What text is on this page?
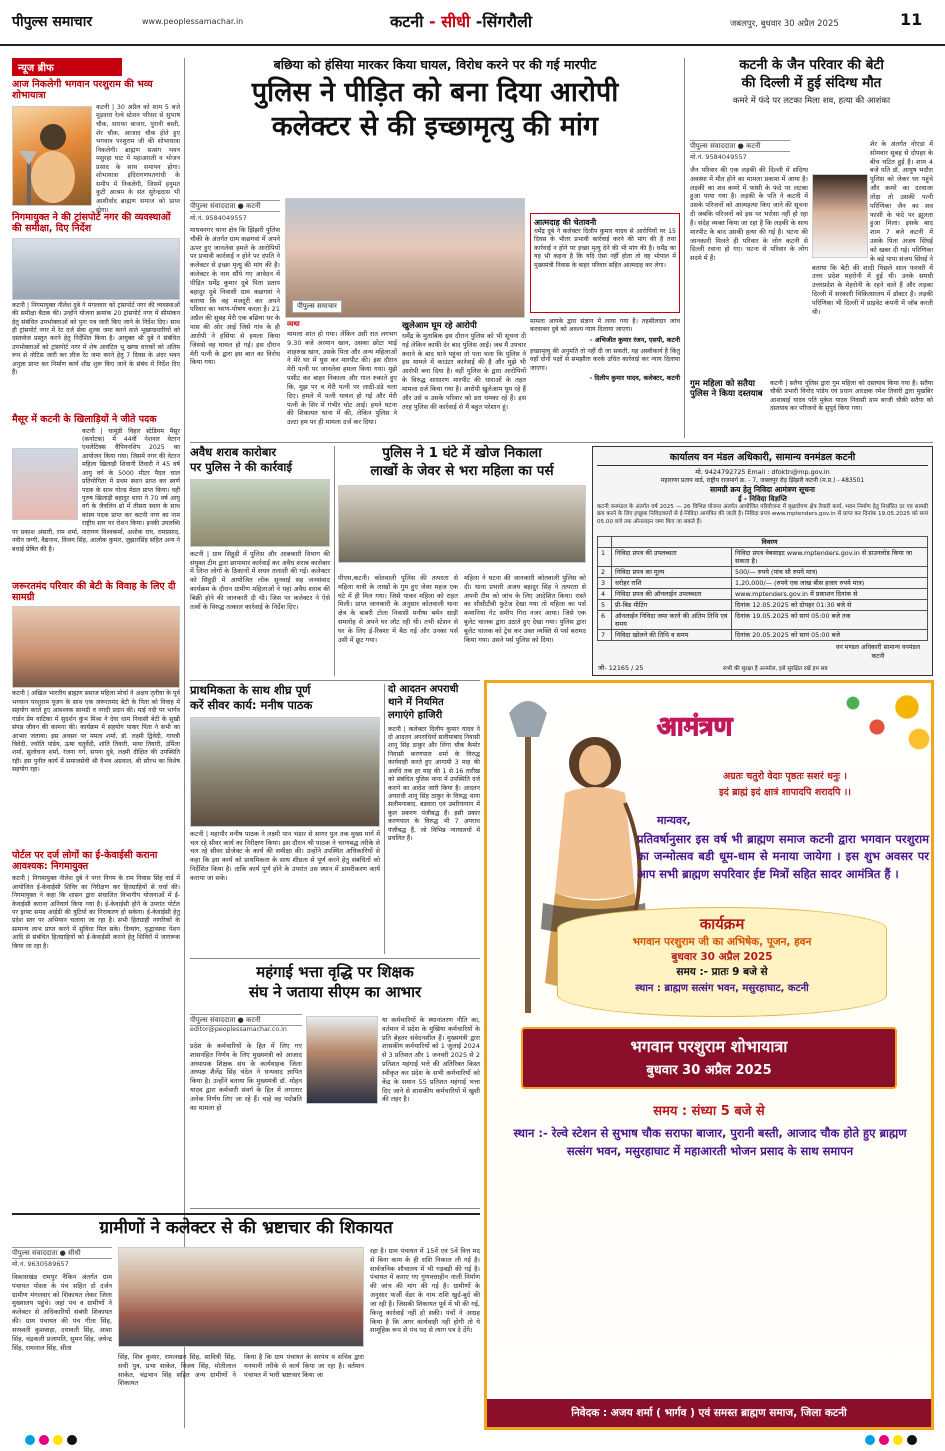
पीपुल्स समाचार	www.peoplessamachar.in	कटनी - सीधी -सिंगरौली	जबलपुर, बुधवार 30 अप्रैल 2025	11
न्यूज ब्रीफ
आज निकलेगी भगवान परशुराम की भव्य शोभायात्रा
कटनी | 30 अप्रैल को शाम 5 बजे मुड़वारा रेल्वे स्टेशन परिसर से सुभाष चौक, सराफा बाजार, पुरानी बस्ती, शेर चौक, आजाद चौक होते हुए भगवान परशुराम जी की शोभायात्रा निकलेगी। ब्राह्मण सत्संग भवन मसुरहा घाट में महाआरती व भोजन प्रसाद के साथ समापन होगा। शोभायात्रा इंदिरागणपतगांधी के समीप में निकलेगी, जिसमें हनुमत कुटी आश्रम के संत सुरेन्द्रदास भी आशीर्वाद ब्राह्मण समाज को प्राप्त होगा।
निगमायुक्त ने की ट्रांसपोर्ट नगर की व्यवस्थाओं की समीक्षा, दिए निर्देश
कटनी | निगमायुक्त नीलेश दुबे ने मंगलवार को ट्रांसपोर्ट नगर की व्यवस्थाओं की समीक्षा बैठक की। उन्होंने योजना क्रमांक 20 ट्रांसपोर्ट नगर में सीमांकन हेतु संबंधित उपभोक्ताओं को पुनः पत्र जारी किए जाने के निर्देश दिए। साथ ही ट्रांसपोर्ट नगर में रेट दर्ज सेवा शुल्क जमा करने वाले भूखण्डधारियों को दस्तावेज प्रस्तुत करने हेतु निर्देशित किया है। आयुक्त श्री दुबे ने संबंधित उपभोक्ताओं को ट्रांसपोर्ट नगर में शेष आवंटित भू खण्ड धारकों को अंतिम रूप से नोटिस जारी कर लीज रेंट जमा करने हेतु 7 दिवस के अंदर भवन अनुज्ञा प्राप्त कर निर्माण कार्य शीघ्र शुरू किए जाने के संबंध में निर्देश दिए हैं।
मैसूर में कटनी के खिलाड़ियों ने जीते पदक
कटनी | चामुंडी विहार स्टेडियम मैसूर (कर्नाटक) में 44वीं नेशनल वेटरन एथलेटिक्स चैंपियनशिप 2025 का आयोजन किया गया। जिसमें नगर की वेटरन महिला खिलाड़ी शिवानी तिवारी ने 45 वर्ष आयु वर्ग के 5000 मीटर पैदल चाल प्रतियोगिता में प्रथम स्थान प्राप्त कर स्वर्ण पदक के साथ गोल्ड मेडल प्राप्त किया। वहीं पुरुष खिलाड़ी बहादुर थापा ने 70 वर्ष आयु वर्ग के जैवलिन थ्रो में तीसरा स्थान के साथ कांस्य पदक प्राप्त कर कटनी नगर का नाम राष्ट्रीय स्तर पर रोशन किया। इनकी उपलब्धि पर प्रकाश अंसारी, राम शर्मा, नारायण विश्वकर्मा, अशोक राय, रामप्रसाद, नवीन जग्गी, वैद्यनाथ, विजय सिंह, आलोक कुमार, जुझारसिंह सहित अन्य ने बधाई प्रेषित की है।
जरूरतमंद परिवार की बेटी के विवाह के लिए दी सामग्री
कटनी | अखिल भारतीय ब्राह्मण समाज महिला मोर्चा ने अक्षय तृतीया के पूर्व भगवान परशुराम पूजन के साथ एक जरूरतमंद बेटी के पिता को विवाह में सहयोग करते हुए आवश्यक सामग्री व नगदी प्रदान की। माई नदी पर भार्गव गार्डन प्रेम वाटिका में सुदर्शन कुंभ मिश्रा ने देवा धाम निवासी बेटी के सुखी संपन्न जीवन की कामना की। कार्यक्रम में सहयोग पाकर पिता ने सभी का आभार जताया। इस अवसर पर ममता शर्मा, डॉ. लक्ष्मी द्विवेदी, गायत्री त्रिवेदी, ज्योति पांडेय, ऊषा चतुर्वेदी, शांति तिवारी, माया तिवारी, उर्मिला शर्मा, सुलोचना शर्मा, रंजना गर्ग, सपना दुबे, लक्ष्मी दीक्षित की उपस्थिति रही। इस पुनीत कार्य में समाजसेवी श्री वैभव अग्रवाल, श्री सौरभ का विशेष सहयोग रहा।
पोर्टल पर दर्ज लोगों का ई-केवाईसी कराना आवश्यक: निगमायुक्त
कटनी | निगमायुक्त नीलेश दुबे ने नगर निगम के राम निवास सिंह वार्ड में आयोजित ई-केवाईसी शिविर का निरीक्षण कर हितग्राहियों से चर्चा की। निगमायुक्त ने कहा कि शासन द्वारा संचालित विभागीय योजनाओं में ई-केवाईसी कराना अनिवार्य किया गया है। ई-केवाईसी होने के उपरांत पोर्टल पर ड्राफ्ट समग्र आईडी की त्रुटियों का निराकरण हो सकेगा। ई-केवाईसी हेतु प्रदेश स्तर पर अभियान चलाया जा रहा है। सभी हितग्राही नागरिकों के सामान्य लाभ प्राप्त करने में सुविधा मिल सके। दिव्यांग, वृद्धावस्था पेंशन आदि से संबंधित हितग्राहियों को ई-केवाईसी कराने हेतु शिविरों में जागरूक किया जा रहा है।
बछिया को हंसिया मारकर किया घायल, विरोध करने पर की गई मारपीट
पुलिस ने पीड़ित को बना दिया आरोपी
कलेक्टर से की इच्छामृत्यु की मांग
पीपुल्स संवाददाता ● कटनी
मो.नं. 9584049557
पीपुल्स समाचार
आत्मदाह की चेतावनी
धर्मेंद्र दुबे ने कलेक्टर दिलीप कुमार यादव से आरोपियों पर 15 दिवस के भीतर प्रभावी कार्रवाई करने की मांग की है तथा कार्रवाई न होने पर इच्छा मृत्यु देने की भी मांग की है। धर्मेंद्र का यह भी कहना है कि यदि ऐसा नहीं होता तो वह भोपाल में मुख्यमंत्री निवास के बाहर परिवार सहित आत्मदाह कर लेगा।
माधवनगर थाना क्षेत्र कि झिंझरी पुलिस चौकी के अंतर्गत ग्राम कछगवां में अपने ऊपर हुए जानलेवा हमले के आरोपियों पर प्रभावी कार्रवाई न होने पर दंपति ने कलेक्टर से इच्छा मृत्यु की मांग की है। कलेक्टर के नाम सौंपे गए आवेदन में पीड़ित धर्मेंद्र कुमार दुबे पिता प्रताप बहादुर दुबे निवासी ग्राम कछगवां ने बताया कि वह मजदूरी कर अपने परिवार का भरण-पोषण करता है। 21 अप्रैल की सुबह मेरी एक बछिया घर के पास की ओर आई जिसे गांव के ही आरोपी ने हंसिया से हमला किया जिससे वह घायल हो गई। इस दौरान मेरी पत्नी के द्वारा इस बात का विरोध किया गया।
व्यथा
मामला शांत हो गया। लेकिन उसी रात लगभग 9.30 बजे अरमान खान, उसका छोटा भाई शाहरुख खान, उसके पिता और अन्य महिलाओं ने मेरे घर में घुस कर मारपीट की। इस दौरान मेरी पत्नी पर जानलेवा हमला किया गया। मुझे पसीट कर बाहर निकाला और गाल रुकाते हुए कि, मुझ पर व मेरी पत्नी पर लाठी-डंडे चला दिए। हमले में पत्नी घायल हो गई और मेरी पत्नी के सिर में गंभीर चोट आई। हमने घटना की शिकायत थाना में की, लेकिन पुलिस ने उल्टा हम पर ही मामला दर्ज कर दिया।
खुलेआम घूम रहे आरोपी
धर्मेंद्र के मुताबिक इस दौरान पुलिस को भी सूचना दी गई लेकिन काफी देर बाद पुलिस आई। जब मैं उपचार कराने के बाद थाने पहुंचा तो पता चला कि पुलिस ने इस मामले में काउंटर कार्रवाई की है और मुझे भी आरोपी बना दिया है। वहीं पुलिस के द्वारा आरोपियों के विरुद्ध साधारण मारपीट की धाराओं के तहत मामला दर्ज किया गया है। आरोपी खुलेआम घूम रहे हैं और उसे व उसके परिवार को डरा धमका रहे हैं। इस तरह पुलिस की कार्रवाई से मैं बहुत परेशान हूं।
मामला आपके द्वारा संज्ञान में लाया गया है। तहसीलदार जांच करवाकर दुबे को अवश्य न्याय दिलाया जाएगा।
- अभिजीत कुमार रंजन, एसपी, कटनी
इच्छामृत्यु की अनुमति तो नहीं दी जा सकती, यह अस्वीकार्य है किंतु वहाँ दोनों पक्षों से समझौता करके उचित कार्रवाई कर न्याय दिलाया जाएगा।
- दिलीप कुमार यादव, कलेक्टर, कटनी
कटनी के जैन परिवार की बेटी
की दिल्ली में हुई संदिग्ध मौत
कमरे में फंदे पर लटका मिला शव, हत्या की आशंका
पीपुल्स संवाददाता ● कटनी
मो.नं. 9584049557
जैन परिवार की एक लड़की की दिल्ली में संदिग्ध अवस्था में मौत होने का मामला प्रकाश में आया है। लड़की का शव कमरे में फांसी के फंदे पर लटका हुआ पाया गया है। लड़की के पति ने कटनी में उसके परिजनों को आत्महत्या किए जाने की सूचना दी जबकि परिजनों को इस पर भरोसा नहीं हो रहा है। संदेह व्यक्त किया जा रहा है कि लड़की के साथ मारपीट के बाद उसकी हत्या की गई है। घटना की जानकारी मिलते ही परिवार के लोग कटनी से दिल्ली रवाना हो गए। घटना से परिवार के लोग सदमे में हैं।
शेर के अंतर्गत नोएडा में सोमवार सुबह से दोपहर के बीच घटित हुई है। शाम 4 बजे पति डॉ. आयुष भदौरा पुलिस को लेकर घर पहुंचे और कमरे का दरवाजा तोड़ा तो उसकी पत्नी परिणिका जैन का शव फांसी के फंदे पर झूलता हुआ मिला। इसके बाद शाम 7 बजे कटनी में उसके पिता अजय सिंघई को खबर दी गई। परिणिका के बड़े पापा संजय सिंघई ने बताया कि बेटी की शादी पिछले साल फरवरी में उत्तर प्रदेश महरोनी में हुई थी। उनके समधी उत्तरप्रदेश के मेहरोनी के रहने वाले हैं और लड़का दिल्ली में सरकारी चिकित्सालय में डॉक्टर है। लड़की परिणिका भी दिल्ली में प्राइवेट कंपनी में जॉब करती थी।
गुम महिला को सतैया पुलिस ने किया दस्तयाब
कटनी | सतैया पुलिस द्वारा गुम महिला को दस्तयाब किया गया है। सतैया चौकी प्रभारी विनोद पांडेय एवं प्रधान आरक्षक रमेश तिवारी द्वारा मुखबिर आशाबाई यादव पति मुकेश यादव निवासी ग्राम बरजी चौकी सतैया को दस्तयाब कर परिजनों के सुपुर्द किया गया।
अवैध शराब कारोबार
पर पुलिस ने की कार्रवाई
कटनी | ग्राम सिहुड़ी में पुलिस और आबकारी विभाग की संयुक्त टीम द्वारा छापामार कार्रवाई कर अवैध शराब कारोबार में लिप्त लोगों के ठिकानों में सघन तलाशी की गई। कलेक्टर को सिहुड़ी में आयोजित लोक सुनवाई सह जनसंवाद कार्यक्रम के दौरान ग्रामीण महिलाओं ने यहां अवैध शराब की बिक्री होने की जानकारी दी थी। जिस पर कलेक्टर ने ऐसे तत्वों के विरुद्ध तत्काल कार्रवाई के निर्देश दिए।
पुलिस ने 1 घंटे में खोज निकाला
लाखों के जेवर से भरा महिला का पर्स
पीएस,कटनी। कोतवाली पुलिस की तत्परता से महिला यात्री के लाखों के गुम हुए जेवर महज एक घंटे में ही मिल गया। जिसे पाकर महिला को राहत मिली। प्राप्त जानकारी के अनुसार कोतवाली थाना क्षेत्र के बाबरी टोला निवासी मनीषा बर्मन साड़ी समारोह से अपने घर लौट रही थी। तभी स्टेशन से घर के लिए ई-रिक्शा में बैठ गई और उनका पर्स उसी में छूट गया।
महिला ने घटना की जानकारी कोतवाली पुलिस को दी। थाना प्रभारी अजय बहादुर सिंह ने तत्परता से अपनी टीम को जांच के लिए आदेशित किया। रास्ते का सीसीटीवी फुटेज देखा गया तो महिला का पर्स कमानिया गेट समीप गिरा नजर आया। जिसे एक बुलेट चालक द्वारा उठाते हुए देखा गया। पुलिस द्वारा बुलेट चालक को ट्रेस कर उक्त व्यक्ति से पर्स बरामद किया गया। उसने पर्स पुलिस को दिया।
कार्यालय वन मंडल अधिकारी, सामान्य वनमंडल कटनी
मो. 9424792725 Email : dfoktn@mp.gov.in
महाराणा प्रताप वार्ड, राष्ट्रीय राजमार्ग क्र. - 7, जबलपुर रोड़ झिंझरी कटनी (म.प्र.) - 483501
सामग्री क्रय हेतु निविदा आमंत्रण सूचना
ई - निविदा विज्ञप्ति
कटनी वनमंडल के अंतर्गत वर्ष 2025 — 26 विभिन्न योजना अंतर्गत आयोजित परियोजना में वृक्षारोपण क्षेत्र तैयारी कार्य, भवन निर्माण हेतु निर्धारित दर एवं सामग्री क्रय करने के लिए इच्छुक निविदाकारों से ई-निविदा आमंत्रित की जाती है। निविदा प्रपत्र www.mptenders.gov.in से प्राप्त कर दिनांक 19.05.2025 को सायं 05.00 बजे तक ऑनलाइन जमा किए जा सकते हैं।
	विवरण	
1	निविदा प्रपत्र की उपलब्धता	निविदा प्रपत्र वेबसाइट www.mptenders.gov.in से डाउनलोड किया जा सकता है।
2	निविदा प्रपत्र का मूल्य	500/— रुपये (पांच सौ रुपये मात्र)
3	धरोहर राशि	1,20,000/— (रुपये एक लाख बीस हजार रुपये मात्र)
4	निविदा प्रपत्र की ऑनलाईन उपलब्धता	www.mptenders.gov.in में प्रकाशन दिनांक से
5	प्री-बिड मीटिंग	दिनांक 12.05.2025 को दोपहर 01:30 बजे से
6	ऑनलाईन निविदा जमा करने की अंतिम तिथि एवं समय	दिनांक 19.05.2025 को सायं 05:00 बजे तक
7	निविदा खोलने की तिथि व समय	दिनांक 20.05.2025 को सायं 05:00 बजे
वन मण्डल अधिकारी सामान्य वनमंडल कटनी
जी- 12165 / 25	सभी की सुरक्षा है अनमोल, इसे सुरक्षित रखें हम सब
प्राथमिकता के साथ शीघ्र पूर्ण
करें सीवर कार्य: मनीष पाठक
कटनी | महापौर मनीष पाठक ने लक्ष्मी पान भंडार से सागर पुल तक मुख्य मार्ग में चल रहे सीवर कार्य का निरीक्षण किया। इस दौरान श्री पाठक ने चरणबद्ध तरीके से चल रहे सीवर प्रोजेक्ट के कार्य की समीक्षा की। उन्होंने उपस्थित अधिकारियों से कहा कि इस कार्य को प्राथमिकता के साथ शीघ्रता से पूर्ण करने हेतु संबंधितों को निर्देशित किया है। ताकि कार्य पूर्ण होने के उपरांत उस स्थान में डामरीकरण कार्य कराया जा सके।
दो आदतन अपराधी
थाने में नियमित
लगाएंगे हाजिरी
कटनी | कलेक्टर दिलीप कुमार यादव ने दो आदतन अपराधियों सलीमाबाद निवासी शानू सिंह ठाकुर और लिंगा चौक कैमोर निवासी करणपाल शर्मा के विरुद्ध कार्यवाही करते हुए आगामी 3 माह की अवधि तक हर माह की 1 से 16 तारीख को संबंधित पुलिस थाना में उपस्थिति दर्ज कराने का आदेश जारी किया है। आदतन अपराधी शानू सिंह ठाकुर के विरुद्ध थाना सलीमनाबाद, बडवारा एवं उमरियापान में कुल प्रकरण पंजीबद्ध हैं। इसी प्रकार करणपाल के विरुद्ध भी 7 अपराध पंजीबद्ध हैं, जो विभिन्न न्यायालयों में प्रचलित हैं।
महंगाई भत्ता वृद्धि पर शिक्षक
संघ ने जताया सीएम का आभार
पीपुल्स संवाददाता ● कटनी
editor@peoplessamachar.co.in
प्रदेश के कर्मचारियों के हित में लिए गए शासनहित निर्णय के लिए मुख्यमंत्री को आजाद अध्यापक शिक्षक संघ के कार्यवाहक जिला अध्यक्ष शैलेंद्र सिंह चंदेल ने धन्यवाद ज्ञापित किया है। उन्होंने बताया कि मुख्यमंत्री डॉ. मोहन यादव द्वारा कर्मचारी संवर्ग के हित में लगातार अनेक निर्णय लिए जा रहे हैं। चाहे वह पदोन्नति का मामला हो
या कर्मचारियों के स्थानांतरण नीति का, वर्तमान में प्रदेश के मुखिया कर्मचारियों के प्रति बेहतर संवेदनशील हैं। मुख्यमंत्री द्वारा शासकीय कर्मचारियों को 1 जुलाई 2024 से 3 प्रतिशत और 1 जनवरी 2025 से 2 प्रतिशत महंगाई भत्ते की अतिरिक्त किस्त स्वीकृत कर प्रदेश के सभी कर्मचारियों को केंद्र के समान 55 प्रतिशत महंगाई भत्ता दिए जाने से शासकीय कर्मचारियों में खुशी की लहर है।
ग्रामीणों ने कलेक्टर से की भ्रष्टाचार की शिकायत
पीपुल्स संवाददाता ● सीधी
मो.नं. 9630589657
विकासखंड रामपुर नैकिन अंतर्गत ग्राम पंचायत पोस्ता के पंच सहित दो दर्जन ग्रामीण मंगलवार को शिकायत लेकर जिला मुख्यालय पहुंचे। जहां पंच व ग्रामीणों ने कलेक्टर से अधिकारियों संबंधी शिकायत की। ग्राम पंचायत की पंच गीता सिंह, सरस्वती कुशवाहा, दयावती सिंह, आशा सिंह, चंद्रकली प्रजापति, सुमन सिंह, जयेन्द्र सिंह, रामलाल सिंह, सीता
सिंह, शिव कुमार, रामलखन सिंह, सावित्री सिंह, सची पुत्र, प्रभा साकेत, विजय सिंह, मोतीलाल साकेत, चंद्रभान सिंह सहित अन्य ग्रामीणों ने शिकायत
किया है कि ग्राम पंचायत के सरपंच व सचिव द्वारा मनमानी तरीके से कार्य किया जा रहा है। वर्तमान पंचायत में भारी भ्रष्टाचार किया जा
रहा है। ग्राम पंचायत में 15वें एवं 5वें वित्त मद से बिना काम के ही राशि निकाल ली गई है। सार्वजनिक शौचालय में भी गड़बड़ी की गई है। पंचायत में कराए गए गुणवत्ताहीन नाली निर्माण की जांच की मांग की गई है। ग्रामीणों के अनुसार फर्जी वेंडर के नाम राशि खुर्द-बुर्द की जा रही है। जिसकी शिकायत पूर्व में भी की गई, किन्तु कार्रवाई नहीं हो सकी। पंचों ने आग्रह किया है कि अगर कार्यवाही नहीं होगी तो ये सामूहिक रूप से पंच पद से त्याग पत्र दे देंगे।
आमंत्रण
अग्रतः चतुरो वेदाः पृष्ठतः सशरं धनुः ।
इदं ब्राह्मं इदं क्षात्रं शापादपि शरादपि ।।
मान्यवर,
प्रतिवर्षानुसार इस वर्ष भी ब्राह्मण समाज कटनी द्वारा भगवान परशुराम का जन्मोत्सव बडी धूम-धाम से मनाया जायेगा । इस शुभ अवसर पर आप सभी ब्राह्मण सपरिवार ईष्ट मित्रों सहित सादर आमंत्रित हैं ।
कार्यक्रम
भगवान परशुराम जी का अभिषेक, पूजन, हवन
बुधवार 30 अप्रैल 2025
समय :- प्रातः 9 बजे से
स्थान : ब्राह्मण सत्संग भवन, मसुरहाघाट, कटनी
भगवान परशुराम शोभायात्रा
बुधवार 30 अप्रैल 2025
समय : संध्या 5 बजे से
स्थान :- रेल्वे स्टेशन से सुभाष चौक सराफा बाजार, पुरानी बस्ती, आजाद चौक होते हुए ब्राह्मण सत्संग भवन, मसुरहाघाट में महाआरती भोजन प्रसाद के साथ समापन
निवेदक : अजय शर्मा ( भार्गव ) एवं समस्त ब्राह्मण समाज, जिला कटनी
